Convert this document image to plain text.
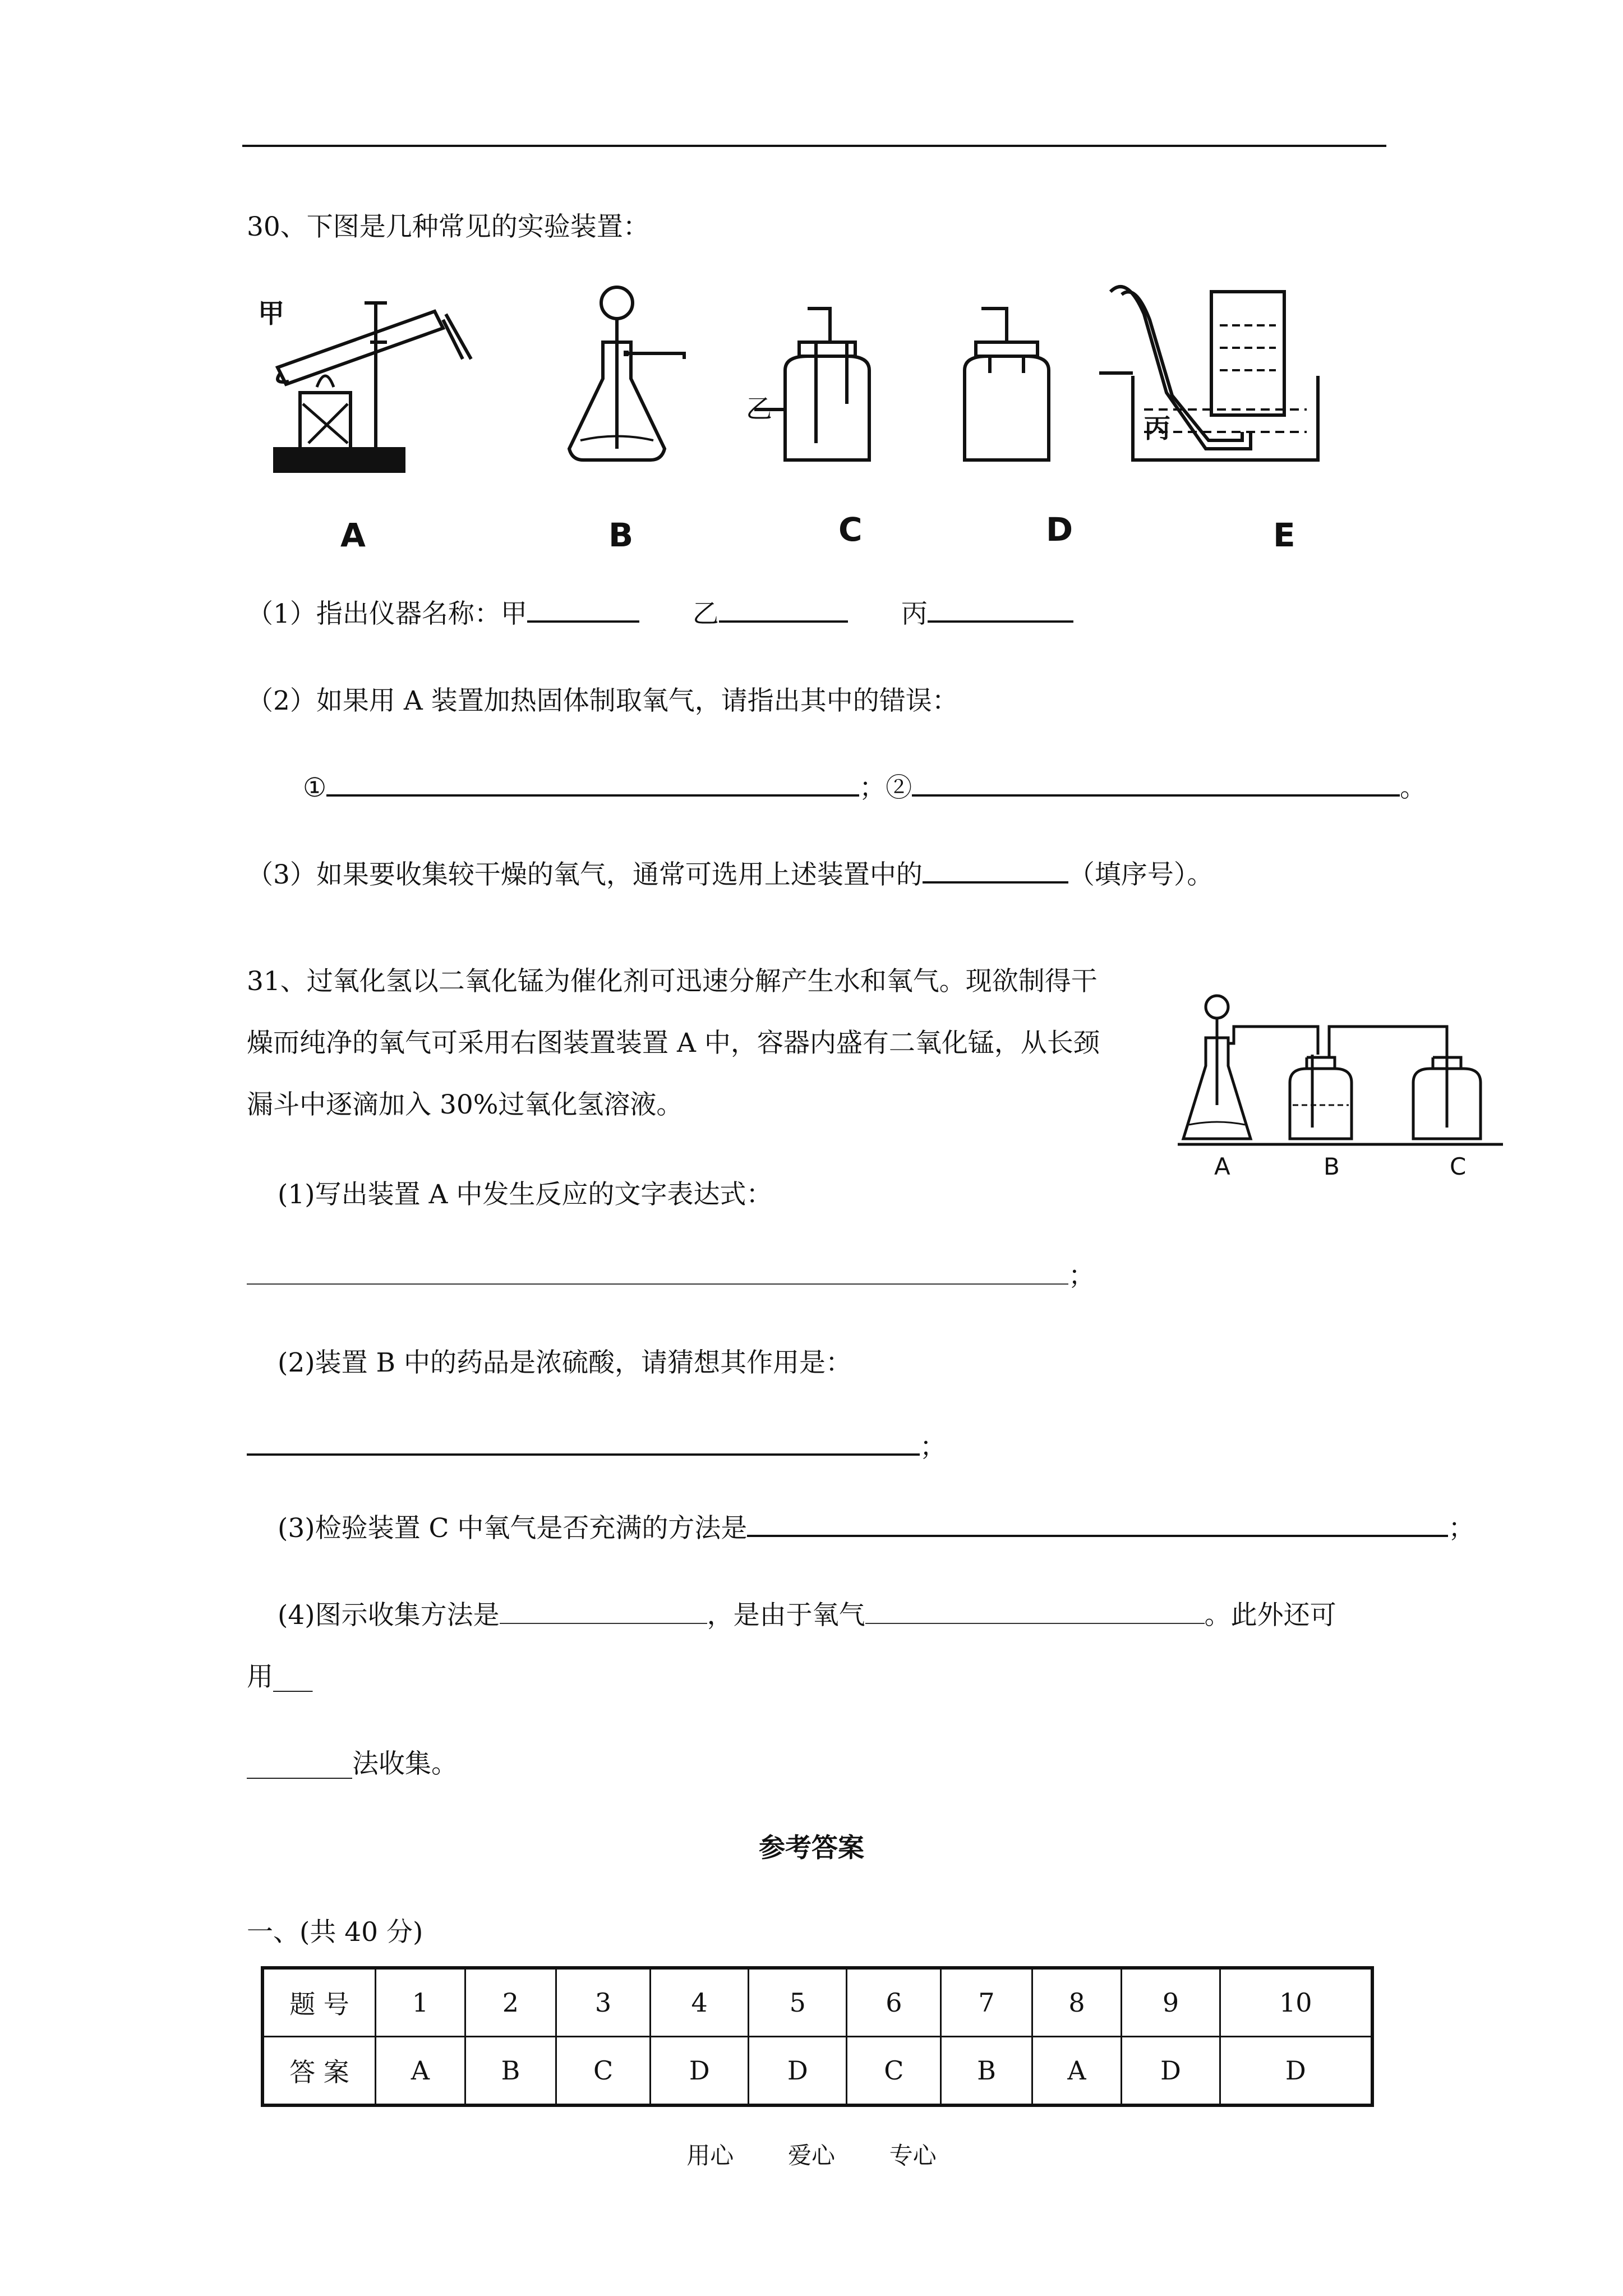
30、下图是几种常见的实验装置：
A	B	C	D	E
甲
乙
丙
（1）指出仪器名称：甲	乙	丙
（2）如果用 A 装置加热固体制取氧气，请指出其中的错误：
①	；②	。
（3）如果要收集较干燥的氧气，通常可选用上述装置中的	（填序号）。
31、过氧化氢以二氧化锰为催化剂可迅速分解产生水和氧气。现欲制得干
燥而纯净的氧气可采用右图装置装置 A 中，容器内盛有二氧化锰，从长颈
漏斗中逐滴加入 30%过氧化氢溶液。
A	B	C
(1)写出装置 A 中发生反应的文字表达式：
；
(2)装置 B 中的药品是浓硫酸，请猜想其作用是：
；
(3)检验装置 C 中氧气是否充满的方法是	；
(4)图示收集方法是	，是由于氧气	。此外还可
用___
________法收集。
参考答案
一、(共 40 分)
题 号	1	2	3	4	5	6	7	8	9	10
答 案	A	B	C	D	D	C	B	A	D	D
用心 爱心 专心
